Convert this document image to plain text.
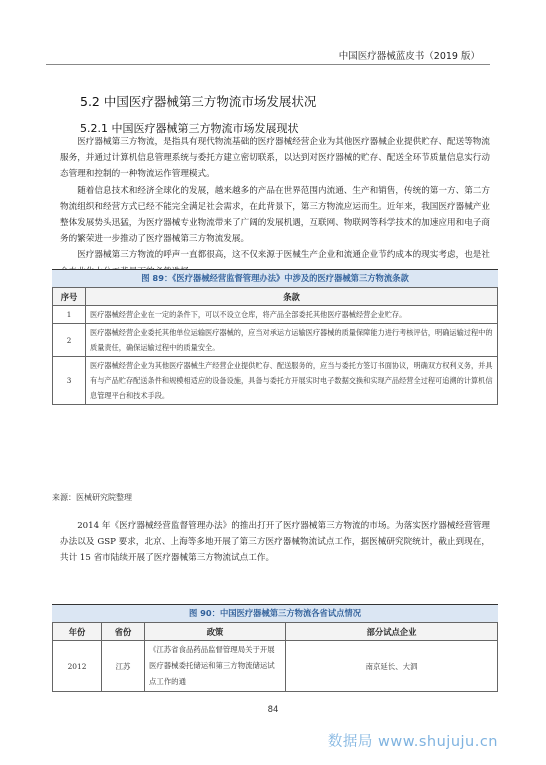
中国医疗器械蓝皮书（2019 版）
5.2 中国医疗器械第三方物流市场发展状况
5.2.1 中国医疗器械第三方物流市场发展现状

医疗器械第三方物流，是指具有现代物流基础的医疗器械经营企业为其他医疗器械企业提供贮存、配送等物流服务，并通过计算机信息管理系统与委托方建立密切联系，以达到对医疗器械的贮存、配送全环节质量信息实行动态管理和控制的一种物流运作管理模式。

随着信息技术和经济全球化的发展，越来越多的产品在世界范围内流通、生产和销售，传统的第一方、第二方物流组织和经营方式已经不能完全满足社会需求，在此背景下，第三方物流应运而生。近年来，我国医疗器械产业整体发展势头迅猛，为医疗器械专业物流带来了广阔的发展机遇，互联网、物联网等科学技术的加速应用和电子商务的繁荣进一步推动了医疗器械第三方物流发展。

医疗器械第三方物流的呼声一直都很高，这不仅来源于医械生产企业和流通企业节约成本的现实考虑，也是社

图 89：《医疗器械经营监督管理办法》中涉及的医疗器械第三方物流条款
序号	条款
1	医疗器械经营企业在一定的条件下，可以不设立仓库，将产品全部委托其他医疗器械经营企业贮存。
2	医疗器械经营企业委托其他单位运输医疗器械的，应当对承运方运输医疗器械的质量保障能力进行考核评估，明确运输过程中的质量责任，确保运输过程中的质量安全。
3	医疗器械经营企业为其他医疗器械生产经营企业提供贮存、配送服务的，应当与委托方签订书面协议，明确双方权利义务，并具有与产品贮存配送条件和规模相适应的设备设施，具备与委托方开展实时电子数据交换和实现产品经营全过程可追溯的计算机信息管理平台和技术手段。
来源：医械研究院整理

2014 年《医疗器械经营监督管理办法》的推出打开了医疗器械第三方物流的市场。为落实医疗器械经营管理办法以及 GSP 要求，北京、上海等多地开展了第三方医疗器械物流试点工作，据医械研究院统计，截止到现在，共计 15 省市陆续开展了医疗器械第三方物流试点工作。

图 90：中国医疗器械第三方物流各省试点情况
年份	省份	政策	部分试点企业
2012	江苏	《江苏省食品药品监督管理局关于开展医疗器械委托储运和第三方物流储运试点工作的通	南京延长、大泗
84
数据局 www.shujuju.cn
